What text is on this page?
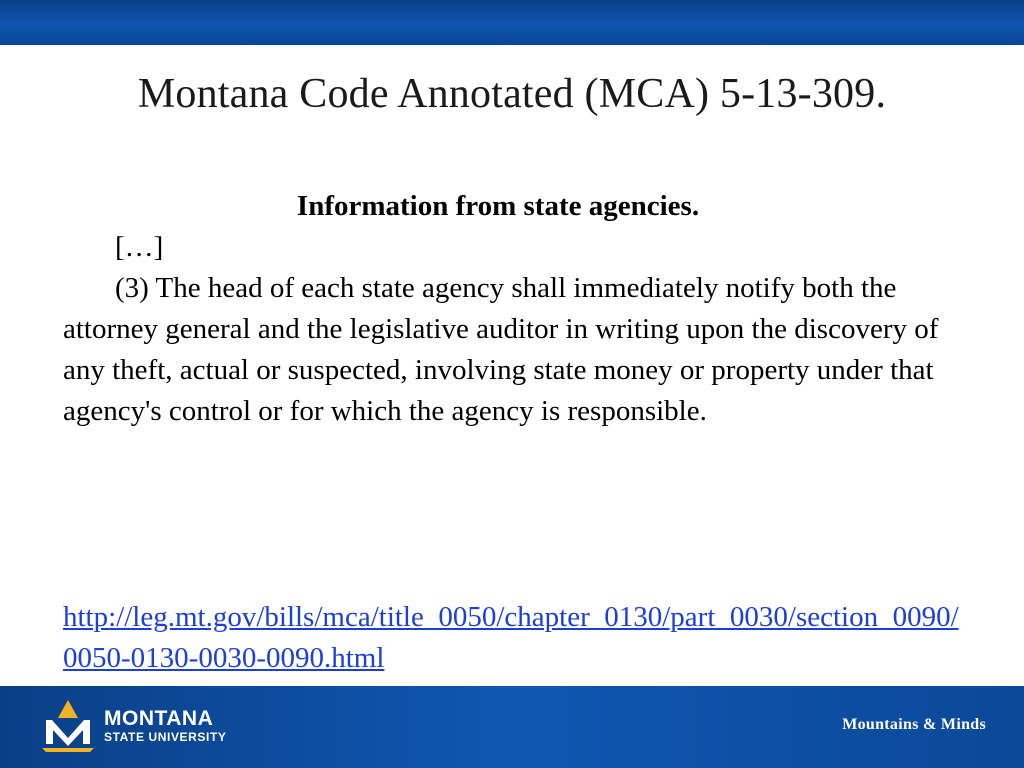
Montana Code Annotated (MCA) 5-13-309.
Information from state agencies.
[…]
(3) The head of each state agency shall immediately notify both the attorney general and the legislative auditor in writing upon the discovery of any theft, actual or suspected, involving state money or property under that agency's control or for which the agency is responsible.
http://leg.mt.gov/bills/mca/title_0050/chapter_0130/part_0030/section_0090/0050-0130-0030-0090.html
MONTANA
STATE UNIVERSITY
Mountains & Minds
